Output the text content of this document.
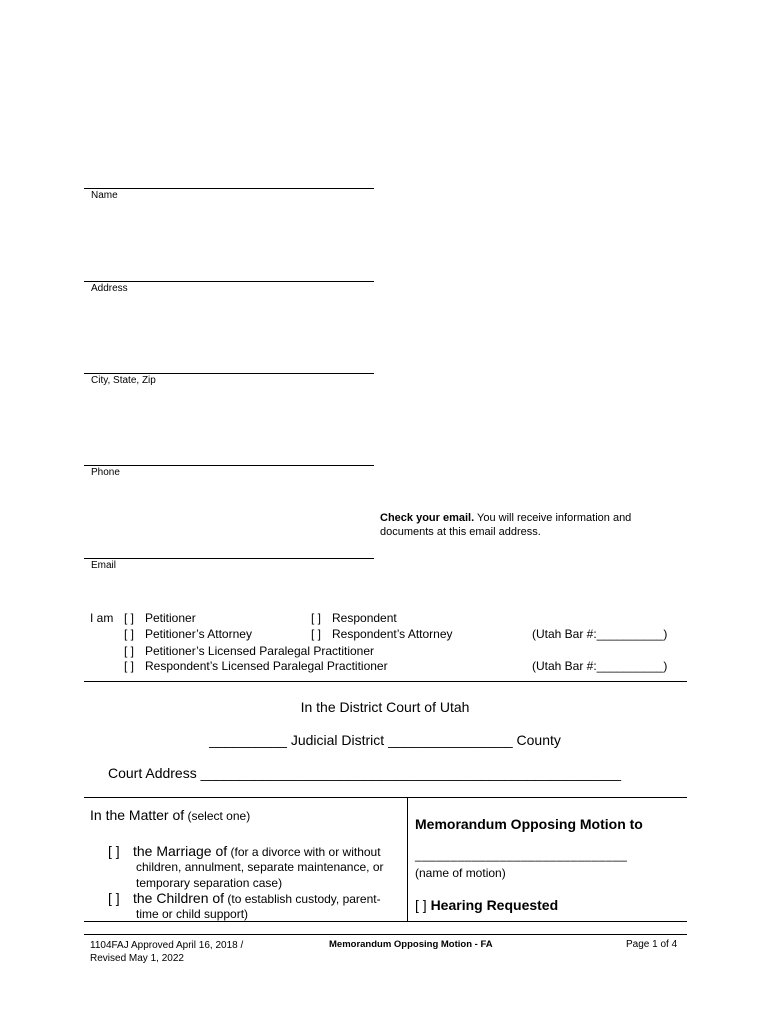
Name
Address
City, State, Zip
Phone
Email
Check your email. You will receive information and
documents at this email address.
I am [ ] Petitioner	[ ] Respondent
[ ] Petitioner’s Attorney	[ ] Respondent’s Attorney	(Utah Bar #:__________)
[ ] Petitioner’s Licensed Paralegal Practitioner
[ ] Respondent’s Licensed Paralegal Practitioner	(Utah Bar #:__________)
In the District Court of Utah
__________ Judicial District ________________ County
Court Address ______________________________________________________
In the Matter of (select one)
[ ] the Marriage of (for a divorce with or without
children, annulment, separate maintenance, or
temporary separation case)
[ ] the Children of (to establish custody, parent-
time or child support)
Memorandum Opposing Motion to
______________________________
(name of motion)
[ ] Hearing Requested
1104FAJ Approved April 16, 2018 /
Revised May 1, 2022
Memorandum Opposing Motion - FA	Page 1 of 4
